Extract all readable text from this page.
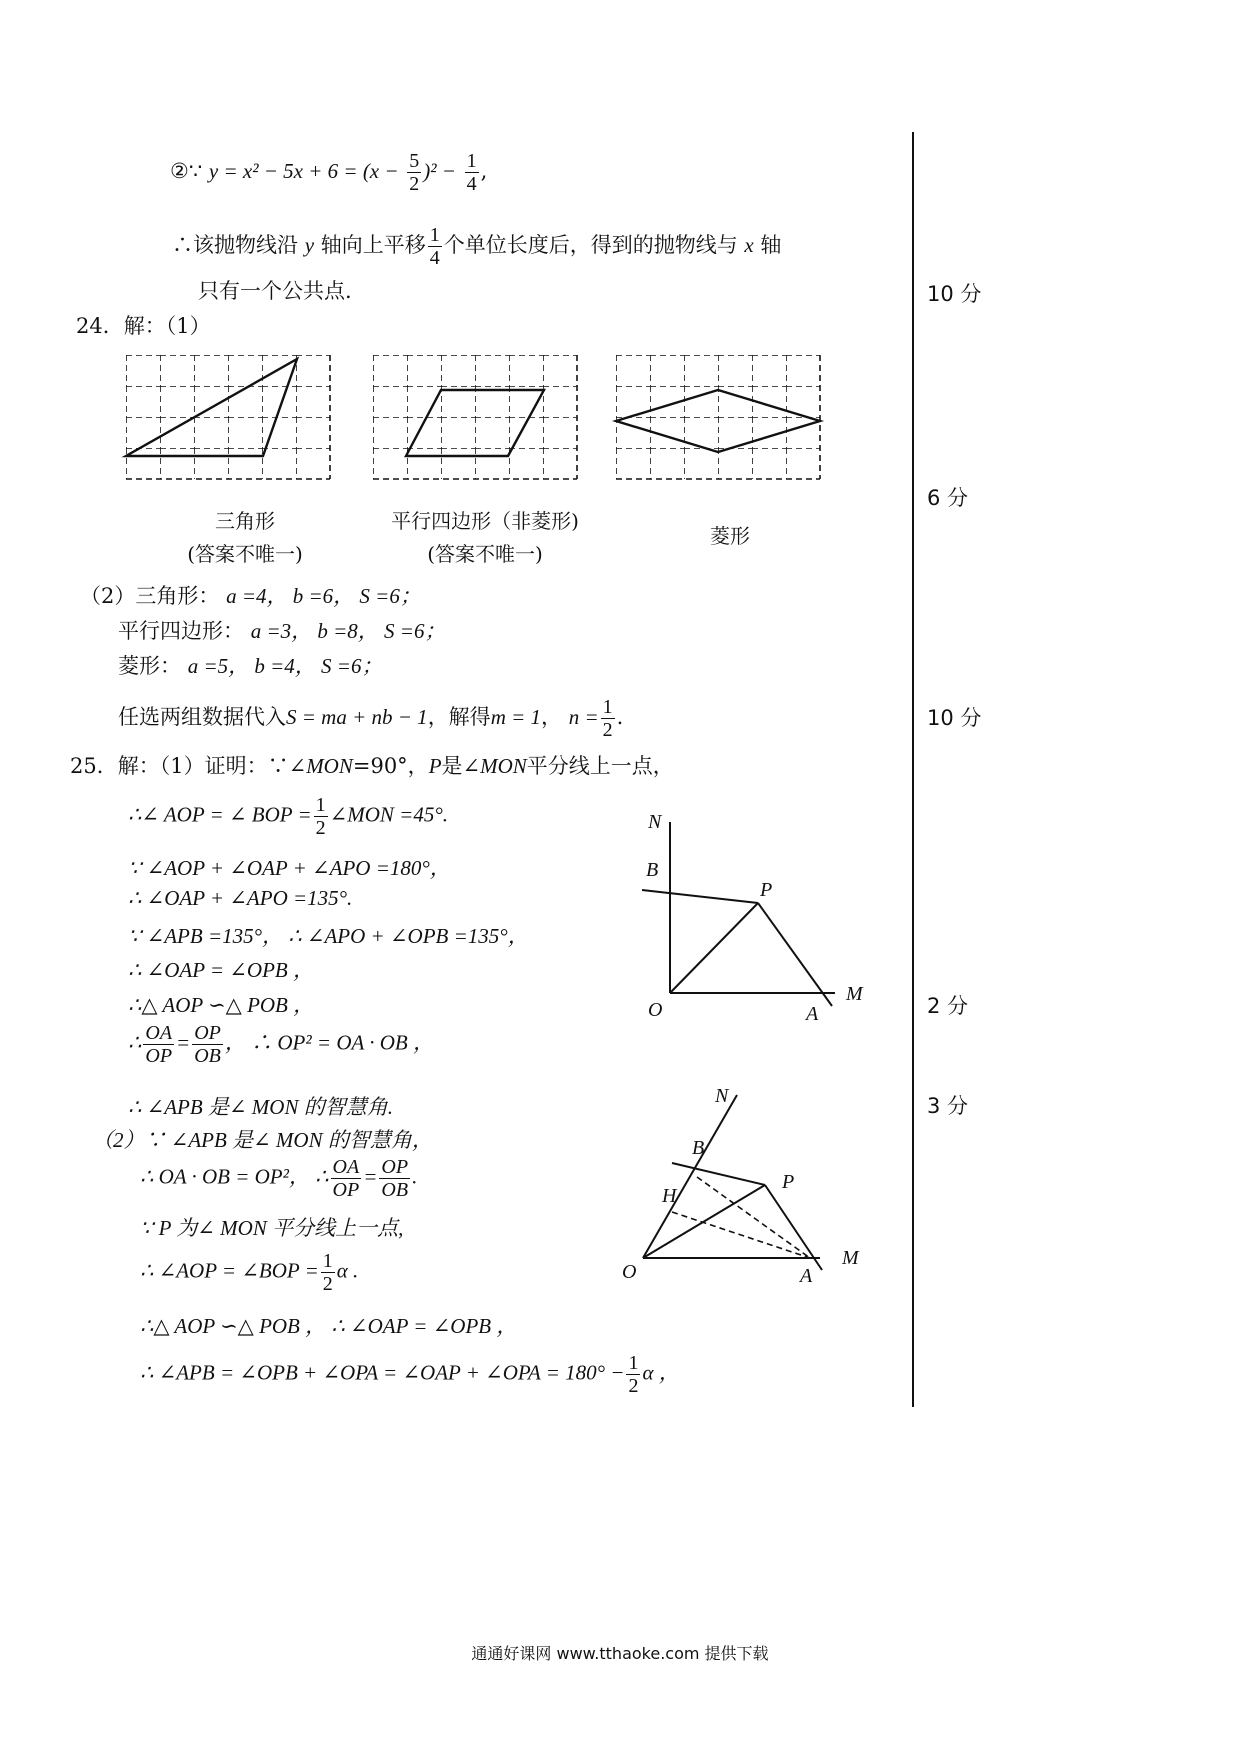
②∵ $y = x^2 - 5x + 6 = (x - \frac{5}{2} )^2 - \frac{1}{4}$ ,
∴该抛物线沿 y 轴向上平移 $\frac{1}{4}$ 个单位长度后，得到的抛物线与 x 轴
只有一个公共点.
24．解：（1）
三角形
(答案不唯一)
平行四边形（非菱形)
(答案不唯一)
菱形
（2）三角形： a =4， b =6， S =6；
平行四边形： a =3， b =8， S =6；
菱形： a =5， b =4， S =6；
任选两组数据代入S = ma + nb − 1，解得m = 1， $n = \frac{1}{2}$ .
25．解：（1）证明：∵∠MON=90°，P是∠MON平分线上一点，
∴∠ AOP = ∠ BOP = $\frac{1}{2}$ ∠MON =45°.
∵ ∠AOP + ∠OAP + ∠APO =180°，
∴ ∠OAP + ∠APO =135°.
∵ ∠APB =135°， ∴ ∠APO + ∠OPB =135°，
∴ ∠OAP = ∠OPB ，
∴△ AOP ∽△ POB ，
∴ $\frac{OA}{OP} = \frac{OP}{OB}$ ， ∴ OP² = OA · OB ，
∴ ∠APB 是∠ MON 的智慧角.
（2）∵ ∠APB 是∠ MON 的智慧角，
∴ OA · OB = OP²， ∴ $\frac{OA}{OP} = \frac{OP}{OB}$ .
∵ P 为∠ MON 平分线上一点,
∴ ∠AOP = ∠BOP = $\frac{1}{2}$ α .
∴△ AOP ∽△ POB ， ∴ ∠OAP = ∠OPB ，
∴ ∠APB = ∠OPB + ∠OPA = ∠OAP + ∠OPA = $180^\circ - \frac{1}{2}$ α ，
N
B
P
O	A
M
N
B
H
P
O	A
M
10 分
6 分
10 分
2 分
3 分
通通好课网 www.tthaoke.com 提供下载
